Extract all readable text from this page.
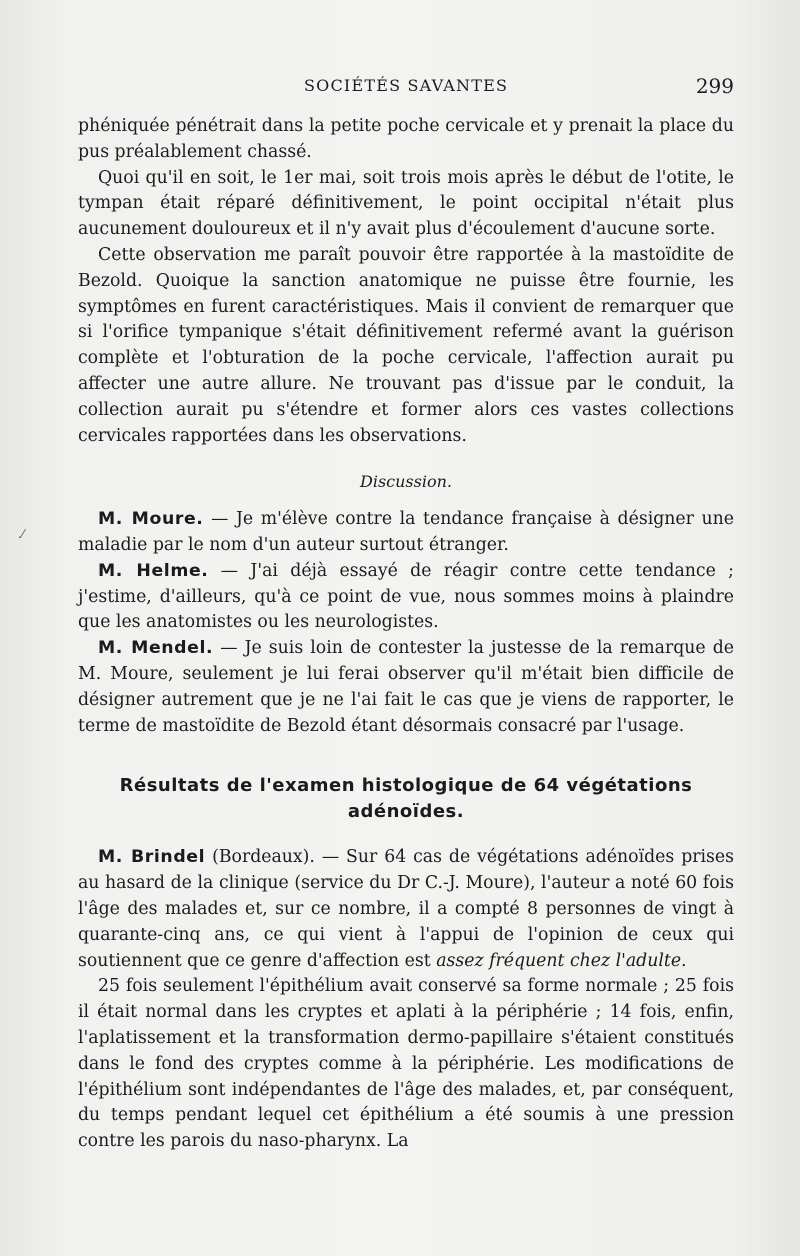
SOCIÉTÉS SAVANTES	299
.⁄

phéniquée pénétrait dans la petite poche cervicale et y prenait la place du pus préalablement chassé.

Quoi qu'il en soit, le 1er mai, soit trois mois après le début de l'otite, le tympan était réparé définitivement, le point occipital n'était plus aucunement douloureux et il n'y avait plus d'écoulement d'aucune sorte.

Cette observation me paraît pouvoir être rapportée à la mastoïdite de Bezold. Quoique la sanction anatomique ne puisse être fournie, les symptômes en furent caractéristiques. Mais il convient de remarquer que si l'orifice tympanique s'était définitivement refermé avant la guérison complète et l'obturation de la poche cervicale, l'affection aurait pu affecter une autre allure. Ne trouvant pas d'issue par le conduit, la collection aurait pu s'étendre et former alors ces vastes collections cervicales rapportées dans les observations.

Discussion.

M. Moure. — Je m'élève contre la tendance française à désigner une maladie par le nom d'un auteur surtout étranger.

M. Helme. — J'ai déjà essayé de réagir contre cette tendance ; j'estime, d'ailleurs, qu'à ce point de vue, nous sommes moins à plaindre que les anatomistes ou les neurologistes.

M. Mendel. — Je suis loin de contester la justesse de la remarque de M. Moure, seulement je lui ferai observer qu'il m'était bien difficile de désigner autrement que je ne l'ai fait le cas que je viens de rapporter, le terme de mastoïdite de Bezold étant désormais consacré par l'usage.

Résultats de l'examen histologique de 64 végétations adénoïdes.

M. Brindel (Bordeaux). — Sur 64 cas de végétations adénoïdes prises au hasard de la clinique (service du Dr C.-J. Moure), l'auteur a noté 60 fois l'âge des malades et, sur ce nombre, il a compté 8 personnes de vingt à quarante-cinq ans, ce qui vient à l'appui de l'opinion de ceux qui soutiennent que ce genre d'affection est assez fréquent chez l'adulte.

25 fois seulement l'épithélium avait conservé sa forme normale ; 25 fois il était normal dans les cryptes et aplati à la périphérie ; 14 fois, enfin, l'aplatissement et la transformation dermo-papillaire s'étaient constitués dans le fond des cryptes comme à la périphérie. Les modifications de l'épithélium sont indépendantes de l'âge des malades, et, par conséquent, du temps pendant lequel cet épithélium a été soumis à une pression contre les parois du naso-pharynx. La
